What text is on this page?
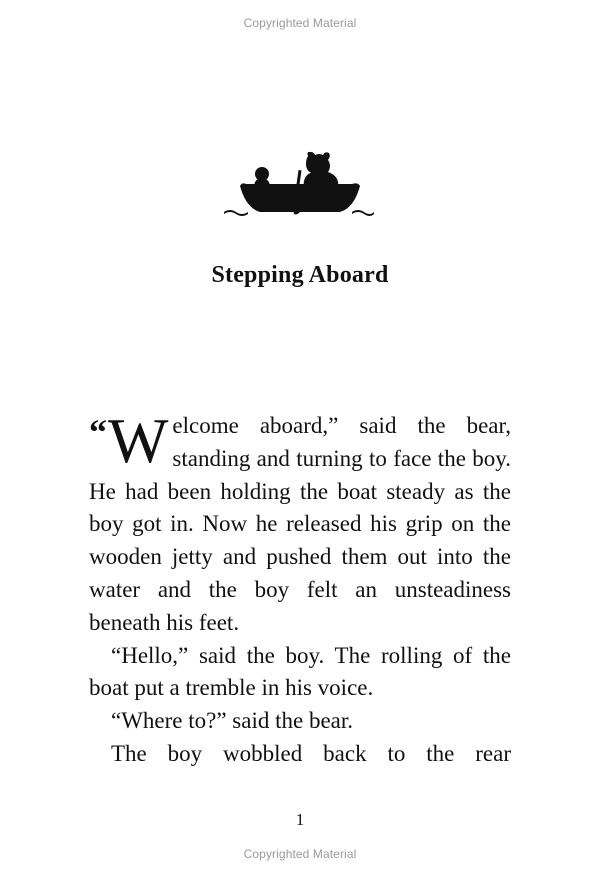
Copyrighted Material
Stepping Aboard

“ W elcome aboard,” said the bear, standing and turning to face the boy. He had been holding the boat steady as the boy got in. Now he released his grip on the wooden jetty and pushed them out into the water and the boy felt an unsteadiness beneath his feet.

“Hello,” said the boy. The rolling of the boat put a tremble in his voice.

“Where to?” said the bear.

The boy wobbled back to the rear

1
Copyrighted Material
